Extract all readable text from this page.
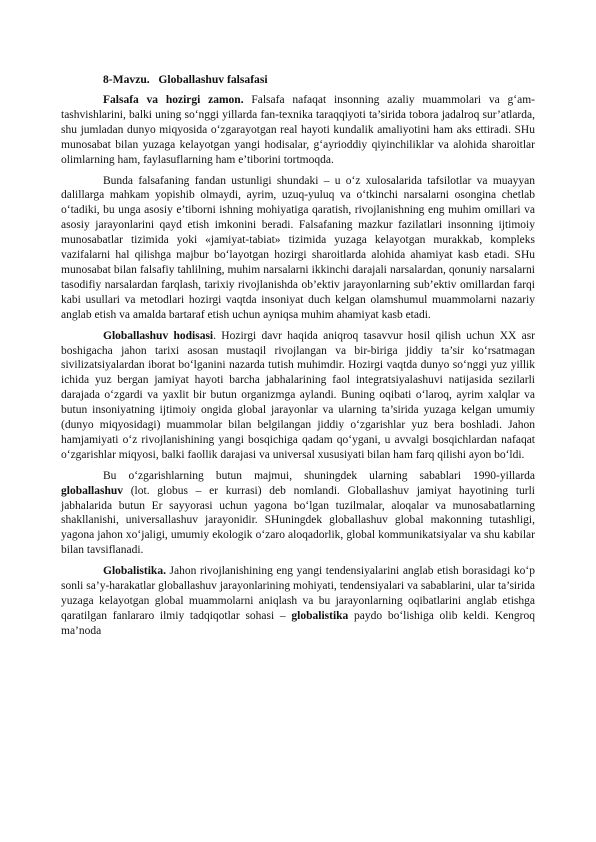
8-Mavzu.   Globallashuv falsafasi

Falsafa va hozirgi zamon. Falsafa nafaqat insonning azaliy muammolari va g‘am-tashvishlarini, balki uning so‘nggi yillarda fan-texnika taraqqiyoti ta’sirida tobora jadalroq sur’atlarda, shu jumladan dunyo miqyosida o‘zgarayotgan real hayoti kundalik amaliyotini ham aks ettiradi. SHu munosabat bilan yuzaga kelayotgan yangi hodisalar, g‘ayrioddiy qiyinchiliklar va alohida sharoitlar olimlarning ham, faylasuflarning ham e’tiborini tortmoqda.

Bunda falsafaning fandan ustunligi shundaki – u o‘z xulosalarida tafsilotlar va muayyan dalillarga mahkam yopishib olmaydi, ayrim, uzuq-yuluq va o‘tkinchi narsalarni osongina chetlab o‘tadiki, bu unga asosiy e’tiborni ishning mohiyatiga qaratish, rivojlanishning eng muhim omillari va asosiy jarayonlarini qayd etish imkonini beradi. Falsafaning mazkur fazilatlari insonning ijtimoiy munosabatlar tizimida yoki «jamiyat-tabiat» tizimida yuzaga kelayotgan murakkab, kompleks vazifalarni hal qilishga majbur bo‘layotgan hozirgi sharoitlarda alohida ahamiyat kasb etadi. SHu munosabat bilan falsafiy tahlilning, muhim narsalarni ikkinchi darajali narsalardan, qonuniy narsalarni tasodifiy narsalardan farqlash, tarixiy rivojlanishda ob’ektiv jarayonlarning sub’ektiv omillardan farqi kabi usullari va metodlari hozirgi vaqtda insoniyat duch kelgan olamshumul muammolarni nazariy anglab etish va amalda bartaraf etish uchun ayniqsa muhim ahamiyat kasb etadi.

Globallashuv hodisasi. Hozirgi davr haqida aniqroq tasavvur hosil qilish uchun XX asr boshigacha jahon tarixi asosan mustaqil rivojlangan va bir-biriga jiddiy ta’sir ko‘rsatmagan sivilizatsiyalardan iborat bo‘lganini nazarda tutish muhimdir. Hozirgi vaqtda dunyo so‘nggi yuz yillik ichida yuz bergan jamiyat hayoti barcha jabhalarining faol integratsiyalashuvi natijasida sezilarli darajada o‘zgardi va yaxlit bir butun organizmga aylandi. Buning oqibati o‘laroq, ayrim xalqlar va butun insoniyatning ijtimoiy ongida global jarayonlar va ularning ta’sirida yuzaga kelgan umumiy (dunyo miqyosidagi) muammolar bilan belgilangan jiddiy o‘zgarishlar yuz bera boshladi. Jahon hamjamiyati o‘z rivojlanishining yangi bosqichiga qadam qo‘ygani, u avvalgi bosqichlardan nafaqat o‘zgarishlar miqyosi, balki faollik darajasi va universal xususiyati bilan ham farq qilishi ayon bo‘ldi.

Bu o‘zgarishlarning butun majmui, shuningdek ularning sabablari 1990-yillarda globallashuv (lot. globus – er kurrasi) deb nomlandi. Globallashuv jamiyat hayotining turli jabhalarida butun Er sayyorasi uchun yagona bo‘lgan tuzilmalar, aloqalar va munosabatlarning shakllanishi, universallashuv jarayonidir. SHuningdek globallashuv global makonning tutashligi, yagona jahon xo‘jaligi, umumiy ekologik o‘zaro aloqadorlik, global kommunikatsiyalar va shu kabilar bilan tavsiflanadi.

Globalistika. Jahon rivojlanishining eng yangi tendensiyalarini anglab etish borasidagi ko‘p sonli sa’y-harakatlar globallashuv jarayonlarining mohiyati, tendensiyalari va sabablarini, ular ta’sirida yuzaga kelayotgan global muammolarni aniqlash va bu jarayonlarning oqibatlarini anglab etishga qaratilgan fanlararo ilmiy tadqiqotlar sohasi – globalistika paydo bo‘lishiga olib keldi. Kengroq ma’noda
